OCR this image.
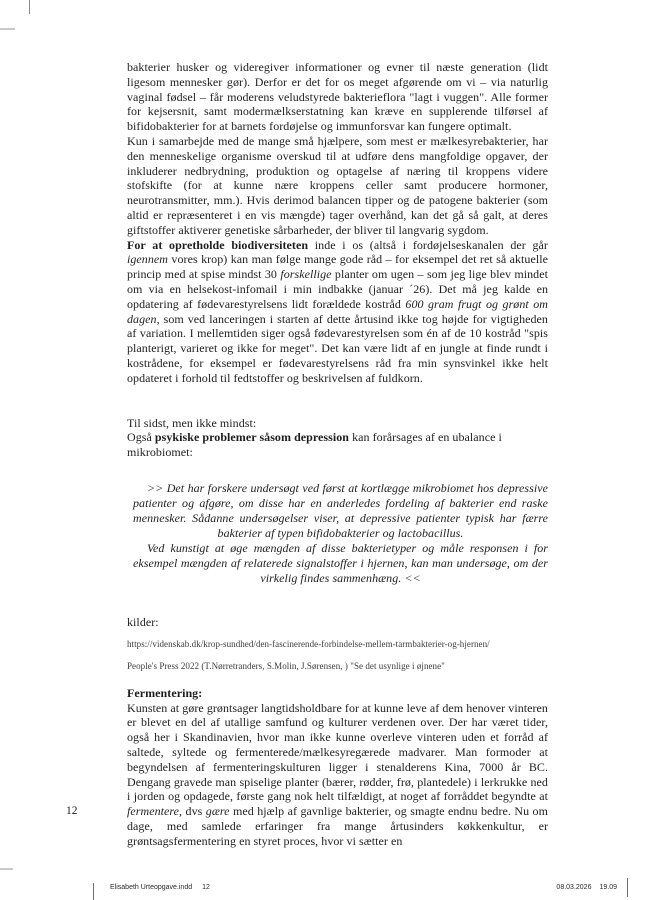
12

bakterier husker og videregiver informationer og evner til næste generation (lidt ligesom mennesker gør). Derfor er det for os meget afgørende om vi – via naturlig vaginal fødsel – får moderens veludstyrede bakterieflora "lagt i vuggen". Alle former for kejsersnit, samt modermælkserstatning kan kræve en supplerende tilførsel af bifidobakterier for at barnets fordøjelse og immunforsvar kan fungere optimalt.

Kun i samarbejde med de mange små hjælpere, som mest er mælkesyrebakterier, har den menneskelige organisme overskud til at udføre dens mangfoldige opgaver, der inkluderer nedbrydning, produktion og optagelse af næring til kroppens videre stofskifte (for at kunne nære kroppens celler samt producere hormoner, neurotransmitter, mm.). Hvis derimod balancen tipper og de patogene bakterier (som altid er repræsenteret i en vis mængde) tager overhånd, kan det gå så galt, at deres giftstoffer aktiverer genetiske sårbarheder, der bliver til langvarig sygdom.

For at opretholde biodiversiteten inde i os (altså i fordøjelseskanalen der går igennem vores krop) kan man følge mange gode råd – for eksempel det ret så aktuelle princip med at spise mindst 30 forskellige planter om ugen – som jeg lige blev mindet om via en helsekost-infomail i min indbakke (januar ´26). Det må jeg kalde en opdatering af fødevarestyrelsens lidt forældede kostråd 600 gram frugt og grønt om dagen, som ved lanceringen i starten af dette årtusind ikke tog højde for vigtigheden af variation. I mellemtiden siger også fødevarestyrelsen som én af de 10 kostråd "spis planterigt, varieret og ikke for meget". Det kan være lidt af en jungle at finde rundt i kostrådene, for eksempel er fødevarestyrelsens råd fra min synsvinkel ikke helt opdateret i forhold til fedtstoffer og beskrivelsen af fuldkorn.

Til sidst, men ikke mindst:

Også psykiske problemer såsom depression kan forårsages af en ubalance i mikrobiomet:

>> Det har forskere undersøgt ved først at kortlægge mikrobiomet hos depressive patienter og afgøre, om disse har en anderledes fordeling af bakterier end raske mennesker. Sådanne undersøgelser viser, at depressive patienter typisk har færre bakterier af typen bifidobakterier og lactobacillus.

Ved kunstigt at øge mængden af disse bakterietyper og måle responsen i for eksempel mængden af relaterede signalstoffer i hjernen, kan man undersøge, om der virkelig findes sammenhæng. <<

kilder:

https://videnskab.dk/krop-sundhed/den-fascinerende-forbindelse-mellem-tarmbakterier-og-hjernen/

People's Press 2022 (T.Nørretranders, S.Molin, J.Sørensen, ) "Se det usynlige i øjnene"

Fermentering:

Kunsten at gøre grøntsager langtidsholdbare for at kunne leve af dem henover vinteren er blevet en del af utallige samfund og kulturer verdenen over. Der har været tider, også her i Skandinavien, hvor man ikke kunne overleve vinteren uden et forråd af saltede, syltede og fermenterede/mælkesyregærede madvarer. Man formoder at begyndelsen af fermenteringskulturen ligger i stenalderens Kina, 7000 år BC. Dengang gravede man spiselige planter (bærer, rødder, frø, plantedele) i lerkrukke ned i jorden og opdagede, første gang nok helt tilfældigt, at noget af forråddet begyndte at fermentere, dvs gære med hjælp af gavnlige bakterier, og smagte endnu bedre. Nu om dage, med samlede erfaringer fra mange årtusinders køkkenkultur, er grøntsagsfermentering en styret proces, hvor vi sætter en

Elisabeth Urteopgave.indd 12	08.03.2026 19.09
